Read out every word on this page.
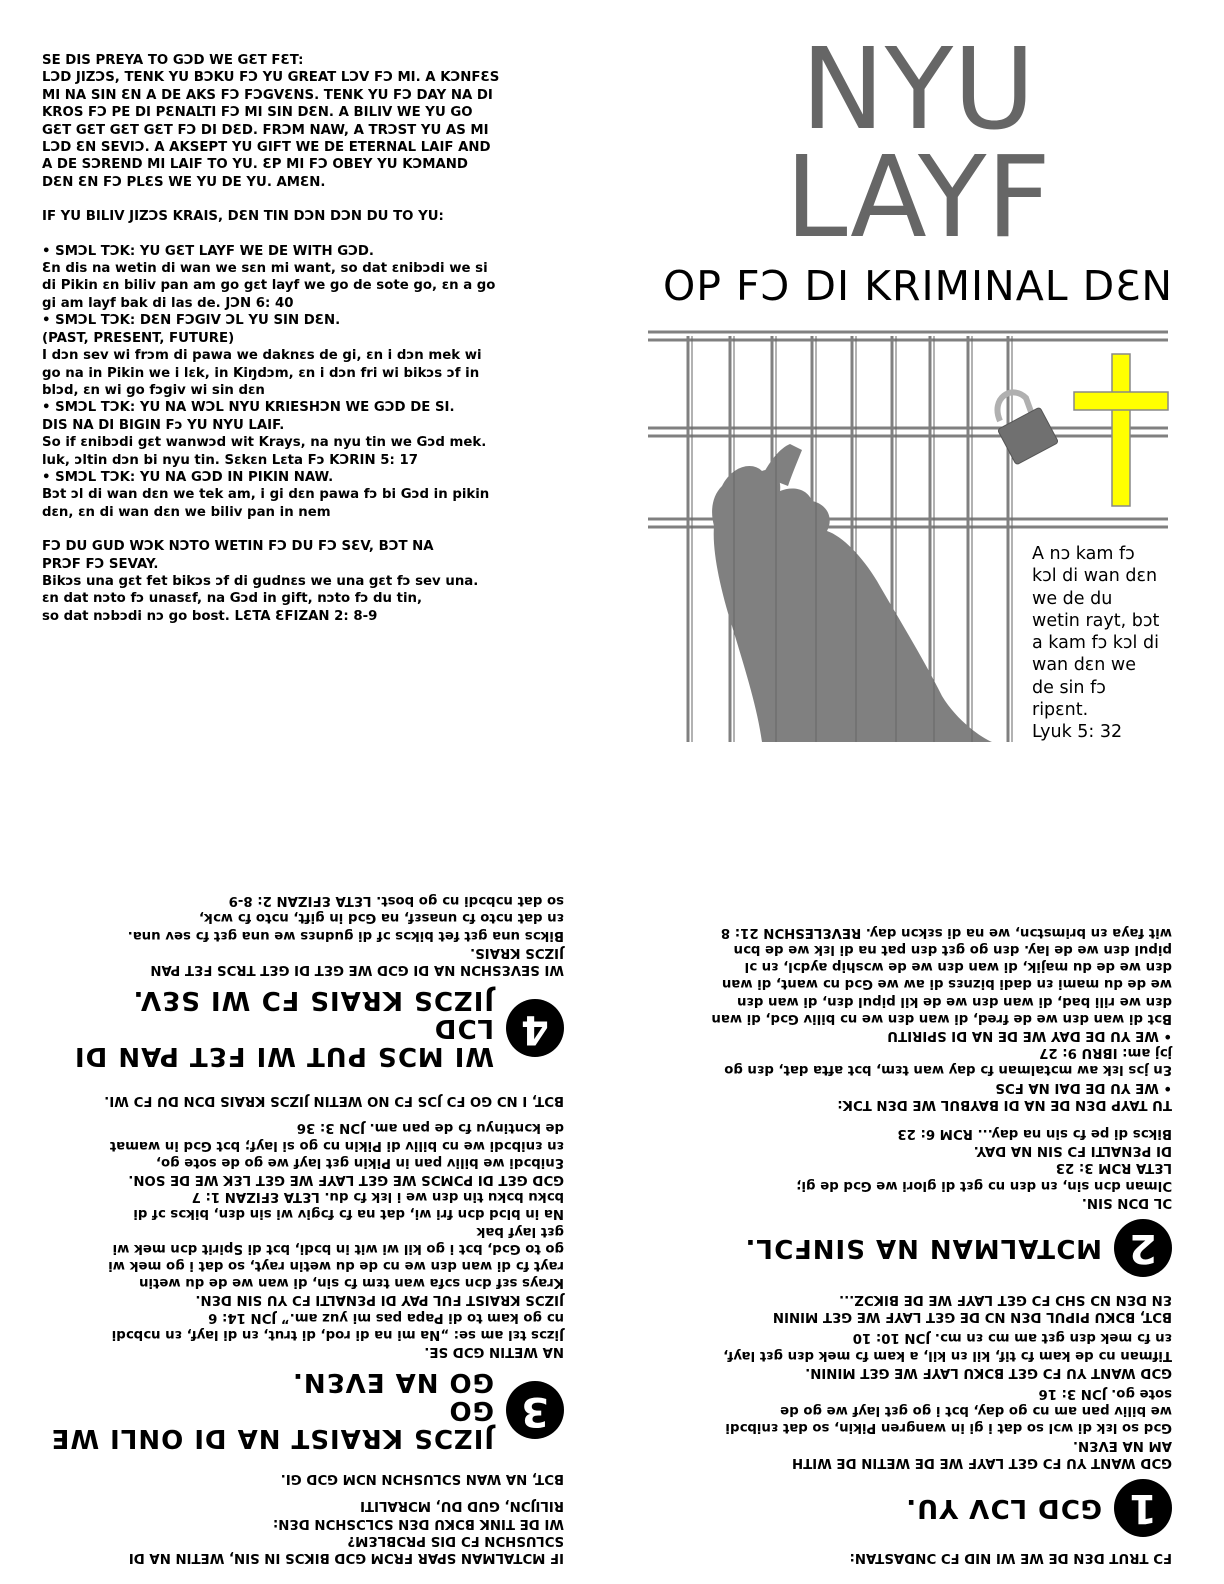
SE DIS PREYA TO GƆD WE GƐT FƐT:

LƆD JIZƆS, TENK YU BƆKU FƆ YU GREAT LƆV FƆ MI. A KƆNFƐS

MI NA SIN ƐN A DE AKS FƆ FƆGVƐNS. TENK YU FƆ DAY NA DI

KROS FƆ PE DI PƐNALTI FƆ MI SIN DƐN. A BILIV WE YU GO

GƐT GƐT GƐT GƐT FƆ DI DƐD. FRƆM NAW, A TRƆST YU AS MI

LƆD ƐN SEVIƆ. A AKSEPT YU GIFT WE DE ETERNAL LAIF AND

A DE SƆREND MI LAIF TO YU. ƐP MI FƆ OBEY YU KƆMAND

DƐN ƐN FƆ PLƐS WE YU DE YU. AMƐN.

IF YU BILIV JIZƆS KRAIS, DƐN TIN DƆN DƆN DU TO YU:

• SMƆL TƆK: YU GƐT LAYF WE DE WITH GƆD.

Ɛn dis na wetin di wan we sɛn mi want, so dat ɛnibɔdi we si

di Pikin ɛn biliv pan am go gɛt layf we go de sote go, ɛn a go

gi am layf bak di las de. JƆN 6: 40

• SMƆL TƆK: DƐN FƆGIV ƆL YU SIN DƐN.

(PAST, PRESENT, FUTURE)

I dɔn sev wi frɔm di pawa we daknɛs de gi, ɛn i dɔn mek wi

go na in Pikin we i lɛk, in Kiŋdɔm, ɛn i dɔn fri wi bikɔs ɔf in

blɔd, ɛn wi go fɔgiv wi sin dɛn

• SMƆL TƆK: YU NA WƆL NYU KRIESHƆN WE GƆD DE SI.

DIS NA DI BIGIN Fɔ YU NYU LAIF.

So if ɛnibɔdi gɛt wanwɔd wit Krays, na nyu tin we Gɔd mek.

luk, ɔltin dɔn bi nyu tin. Sɛkɛn Lɛta Fɔ KƆRIN 5: 17

• SMƆL TƆK: YU NA GƆD IN PIKIN NAW.

Bɔt ɔl di wan dɛn we tek am, i gi dɛn pawa fɔ bi Gɔd in pikin

dɛn, ɛn di wan dɛn we biliv pan in nem

FƆ DU GUD WƆK NƆTO WETIN FƆ DU FƆ SƐV, BƆT NA

PRƆF FƆ SEVAY.

Bikɔs una gɛt fet bikɔs ɔf di gudnɛs we una gɛt fɔ sev una.

ɛn dat nɔto fɔ unasɛf, na Gɔd in gift, nɔto fɔ du tin,

so dat nɔbɔdi nɔ go bost. LƐTA ƐFIZAN 2: 8-9

NYU
LAYF
OP FƆ DI KRIMINAL DƐN
A nɔ kam fɔ
kɔl di wan dɛn
we de du
wetin rayt, bɔt
a kam fɔ kɔl di
wan dɛn we
de sin fɔ
ripɛnt.
Lyuk 5: 32

FƆ TRUT DƐN DE WE WI NID FƆ ƆNDASTAN:

1
GƆD LƆV YU.

GƆD WANT YU FƆ GƐT LAYF WE DE WETIN DE WITH

AM NA EVƐN.

Gɔd so lɛk di wɔl so dat i gi in wangren Pikin, so dat ɛnibɔdi

we biliv pan am nɔ go day, bɔt i go gɛt layf we go de

sote go. JƆN 3: 16

GƆD WANT YU FƆ GƐT BƆKU LAYF WE GƐT MININ.

Tifman nɔ de kam fɔ tif, kil ɛn kil, a kam fɔ mek dɛn gɛt layf,

ɛn fɔ mek dɛn gɛt am mɔ ɛn mɔ. JƆN 10: 10

BƆT, BƆKU PIPUL DƐN NƆ DE GƐT LAYF WE GƐT MININ

ƐN DƐN NƆ SHƆ FƆ GƐT LAYF WE DE BIKƆZ...

2
MƆTALMAN NA SINFƆL.

ƆL DƆN SIN.

Ɔlman dɔn sin, ɛn dɛn nɔ gɛt di glori we Gɔd de gi;

LƐTA RƆM 3: 23

DI PƐNALTI FƆ SIN NA DAY.

Bikɔs di pe fɔ sin na day... RƆM 6: 23

TU TAYP DƐN DE NA DI BAYBUL WE DƐN TƆK:

• WE YU DE DAI NA FƆS

Ɛn jɔs lɛk aw mɔtalman fɔ day wan tɛm, bɔt afta dat, dɛn go

jɔj am: IBRU 9: 27

• WE YU DE DAY WE DE NA DI SPIRITU

Bɔt di wan dɛn we de fred, di wan dɛn we nɔ biliv Gɔd, di wan

dɛn we rili bad, di wan dɛn we de kil pipul dɛn, di wan dɛn

we de du mami ɛn dadi biznɛs di aw we Gɔd nɔ want, di wan

dɛn we de du majik, di wan dɛn we de wɔship aydɔl, ɛn ɔl

pipul dɛn we de lay. dɛn go gɛt dɛn pat na di lɛk we de bɔn

wit faya ɛn brimstɔn, we na di sɛkɔn day. REVƐLESHƆN 21: 8

IF MƆTALMAN SPAR FRƆM GƆD BIKƆS IN SIN, WETIN NA DI

SƆLUSHƆN FƆ DIS PRƆBLƐM?

WI DE TINK BƆKU DƐN SƆLƆSHƆN DƐN:

RILIJƆN, GUD DU, MƆRALITI

BƆT, NA WAN SƆLUSHƆN NƆM GƆD GI.

3
JIZƆS KRAIST NA DI ONLI WE GO
GO NA EVƐN.

NA WETIN GƆD SE.

Jizɔs tɛl am se: „Na mi na di rod, di trut, ɛn di layf, ɛn nɔbɔdi

nɔ go kam to di Papa pas mi yuz am.” JƆN 14: 6

JIZƆS KRAIST FUL PAY DI PƐNALTI FƆ YU SIN DƐN.

Krays sɛf dɔn sɔfa wan tɛm fɔ sin, di wan we de du wetin

rayt fɔ di wan dɛn we nɔ de du wetin rayt, so dat i go mek wi

go to Gɔd, bɔt i go kil wi wit in bɔdi, bɔt di Spirit dɔn mek wi

gɛt layf bak

Na in blɔd dɔn fri wi, dat na fɔ fɔgiv wi sin dɛn, bikɔs ɔf di

bɔku bɔku tin dɛn we i lɛk fɔ du. LƐTA ƐFIZAN 1: 7

GƆD GƐT DI PƆMƆS WE GƐT LAYF WE GƐT LƐK WE DE SON.

Ɛnibɔdi we biliv pan in Pikin gɛt layf we go de sote go,

ɛn ɛnibɔdi we nɔ biliv di Pikin nɔ go si layf; bɔt Gɔd in wamat

de kɔntinyu fɔ de pan am. JƆN 3: 36

BƆT, I NƆ GO FƆ JƆS FƆ NO WETIN JIZƆS KRAIS DƆN DU FƆ WI.

4
WI MƆS PUT WI FƐT PAN DI LƆD
JIZƆS KRAIS FƆ WI SƐV.

WI SEVƐSHƆN NA DI GƆD WE GƐT DI GƐT TRƆS FƐT PAN

JIZƆS KRAIS.

Bikɔs una gɛt fet bikɔs ɔf di gudnɛs we una gɛt fɔ sev una.

ɛn dat nɔto fɔ unasɛf, na Gɔd in gift, nɔto fɔ wɔk,

so dat nɔbɔdi nɔ go bost. LƐTA ƐFIZAN 2: 8-9
